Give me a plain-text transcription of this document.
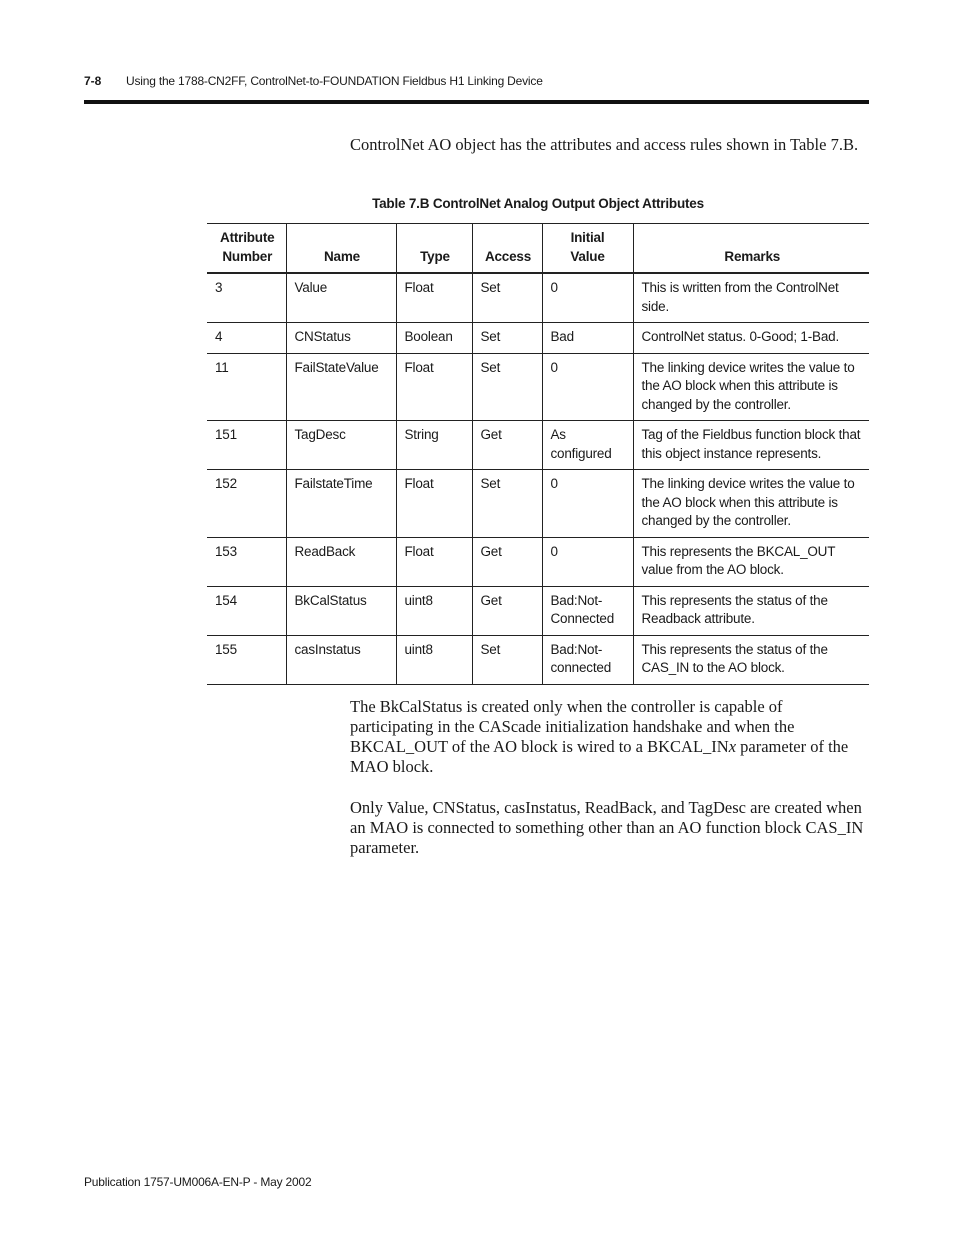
7-8 Using the 1788-CN2FF, ControlNet-to-FOUNDATION Fieldbus H1 Linking Device

ControlNet AO object has the attributes and access rules shown in Table 7.B.

Table 7.B ControlNet Analog Output Object Attributes
Attribute Number	Name	Type	Access	Initial Value	Remarks
3	Value	Float	Set	0	This is written from the ControlNet side.
4	CNStatus	Boolean	Set	Bad	ControlNet status. 0-Good; 1-Bad.
11	FailStateValue	Float	Set	0	The linking device writes the value to the AO block when this attribute is changed by the controller.
151	TagDesc	String	Get	As configured	Tag of the Fieldbus function block that this object instance represents.
152	FailstateTime	Float	Set	0	The linking device writes the value to the AO block when this attribute is changed by the controller.
153	ReadBack	Float	Get	0	This represents the BKCAL_OUT value from the AO block.
154	BkCalStatus	uint8	Get	Bad:Not-Connected	This represents the status of the Readback attribute.
155	casInstatus	uint8	Set	Bad:Not-connected	This represents the status of the CAS_IN to the AO block.

The BkCalStatus is created only when the controller is capable of participating in the CAScade initialization handshake and when the BKCAL_OUT of the AO block is wired to a BKCAL_INx parameter of the MAO block.

Only Value, CNStatus, casInstatus, ReadBack, and TagDesc are created when an MAO is connected to something other than an AO function block CAS_IN parameter.

Publication 1757-UM006A-EN-P - May 2002
